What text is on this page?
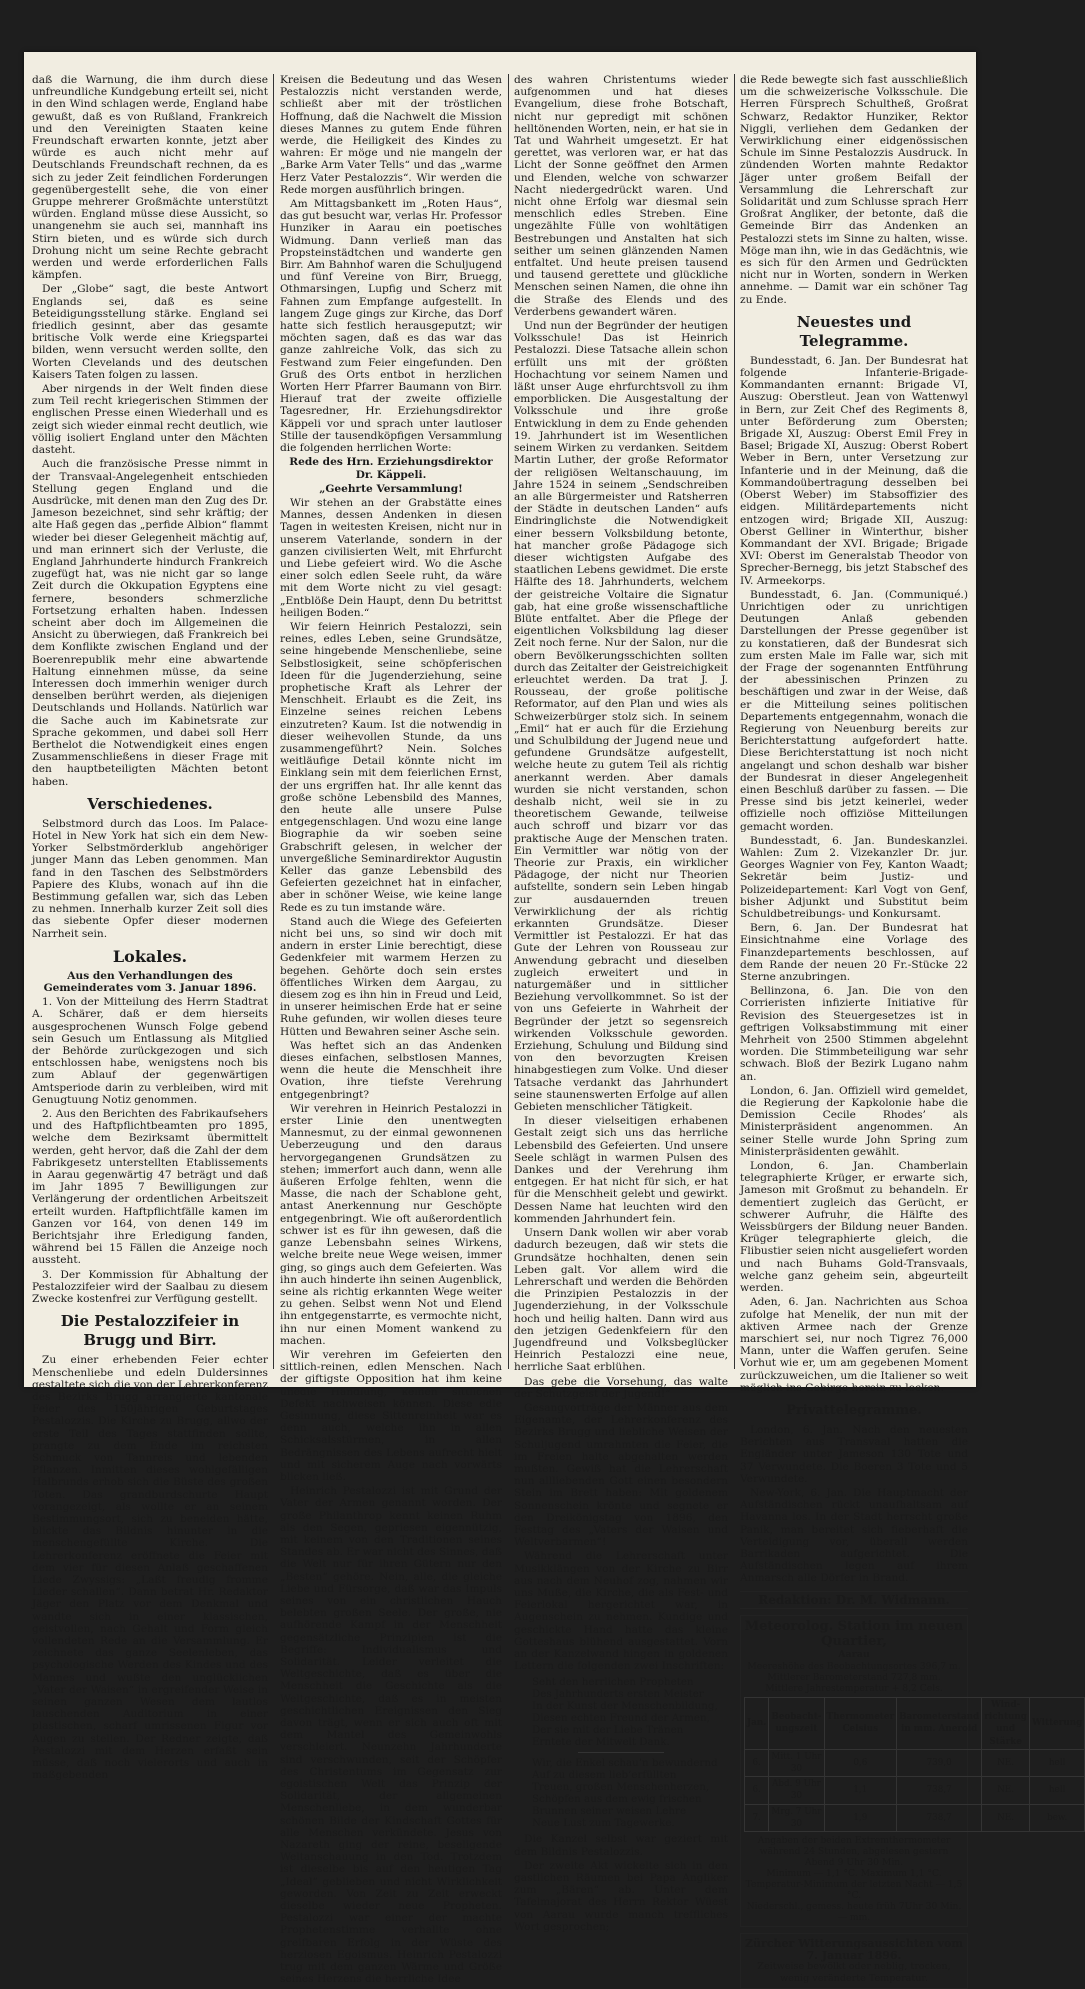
daß die Warnung, die ihm durch diese unfreundliche Kundgebung erteilt sei, nicht in den Wind schlagen werde, England habe gewußt, daß es von Rußland, Frankreich und den Vereinigten Staaten keine Freundschaft erwarten konnte, jetzt aber würde es auch nicht mehr auf Deutschlands Freundschaft rechnen, da es sich zu jeder Zeit feindlichen Forderungen gegenübergestellt sehe, die von einer Gruppe mehrerer Großmächte unterstützt würden. England müsse diese Aussicht, so unangenehm sie auch sei, mannhaft ins Stirn bieten, und es würde sich durch Drohung nicht um seine Rechte gebracht werden und werde erforderlichen Falls kämpfen.

Der „Globe“ sagt, die beste Antwort Englands sei, daß es seine Beteidigungsstellung stärke. England sei friedlich gesinnt, aber das gesamte britische Volk werde eine Kriegspartei bilden, wenn versucht werden sollte, den Worten Clevelands und des deutschen Kaisers Taten folgen zu lassen.

Aber nirgends in der Welt finden diese zum Teil recht kriegerischen Stimmen der englischen Presse einen Wiederhall und es zeigt sich wieder einmal recht deutlich, wie völlig isoliert England unter den Mächten dasteht.

Auch die französische Presse nimmt in der Transvaal-Angelegenheit entschieden Stellung gegen England und die Ausdrücke, mit denen man den Zug des Dr. Jameson bezeichnet, sind sehr kräftig; der alte Haß gegen das „perfide Albion“ flammt wieder bei dieser Gelegenheit mächtig auf, und man erinnert sich der Verluste, die England Jahrhunderte hindurch Frankreich zugefügt hat, was nie nicht gar so lange Zeit durch die Okkupation Egyptens eine fernere, besonders schmerzliche Fortsetzung erhalten haben. Indessen scheint aber doch im Allgemeinen die Ansicht zu überwiegen, daß Frankreich bei dem Konflikte zwischen England und der Boerenrepublik mehr eine abwartende Haltung einnehmen müsse, da seine Interessen doch immerhin weniger durch denselben berührt werden, als diejenigen Deutschlands und Hollands. Natürlich war die Sache auch im Kabinetsrate zur Sprache gekommen, und dabei soll Herr Berthelot die Notwendigkeit eines engen Zusammenschließens in dieser Frage mit den hauptbeteiligten Mächten betont haben.

Verschiedenes.

Selbstmord durch das Loos. Im Palace-Hotel in New York hat sich ein dem New-Yorker Selbstmörderklub angehöriger junger Mann das Leben genommen. Man fand in den Taschen des Selbstmörders Papiere des Klubs, wonach auf ihn die Bestimmung gefallen war, sich das Leben zu nehmen. Innerhalb kurzer Zeit soll dies das siebente Opfer dieser modernen Narrheit sein.

Lokales.

Aus den Verhandlungen des Gemeinderates vom 3. Januar 1896.

1. Von der Mitteilung des Herrn Stadtrat A. Schärer, daß er dem hierseits ausgesprochenen Wunsch Folge gebend sein Gesuch um Entlassung als Mitglied der Behörde zurückgezogen und sich entschlossen habe, wenigstens noch bis zum Ablauf der gegenwärtigen Amtsperiode darin zu verbleiben, wird mit Genugtuung Notiz genommen.

2. Aus den Berichten des Fabrikaufsehers und des Haftpflichtbeamten pro 1895, welche dem Bezirksamt übermittelt werden, geht hervor, daß die Zahl der dem Fabrikgesetz unterstellten Etablissements in Aarau gegenwärtig 47 beträgt und daß im Jahr 1895 7 Bewilligungen zur Verlängerung der ordentlichen Arbeitszeit erteilt wurden. Haftpflichtfälle kamen im Ganzen vor 164, von denen 149 im Berichtsjahr ihre Erledigung fanden, während bei 15 Fällen die Anzeige noch aussteht.

3. Der Kommission für Abhaltung der Pestalozzifeier wird der Saalbau zu diesem Zwecke kostenfrei zur Verfügung gestellt.

Die Pestalozzifeier in Brugg und Birr.

Zu einer erhebenden Feier echter Menschenliebe und edeln Duldersinnes gestaltete sich die von der Lehrerkonferenz des Bezirks Brugg arrangierte kantonale Feier des 150jährigen Geburtstages Pestalozzis. Die Kirche zu Brugg, allwo der erste Teil des Tages stattfinden sollte, prangte zu dem Ende im reichsten Schmuck von Tannreis und lebenden Pflanzen. Inmitten dieses wohlgefälligen Halbrunds erhob sich die Büste des großen Toten. Das grandburdschurte Haupt vorangezeigt, als wollte er an seinem Bestimmungsort, sich zu beneiden hätte, blickte das Bildnis hinunter in die menschengefüllte Kirche. Die Lehrerkonferenz eröffnete die Feier mit dem vier für diesen Anlaß geschaffenen Liede Zwyssigs: „Laßt freudig fromme Lieder schallen“. Dann betrat Hr. Redaktor Jäger den Platz vor dem Denkmal und wandte sich in einer klassischen, geistvollen, nach Gehalt und Form gleich vollendeten Rede an die Versammlung. Er zeichnete das ganze Seelenleben, das psychologische Werden des Kindes und des Mannes und wußte den unglücklichen „Vater der Waisen“ in ergreifender Weise in seinen ganzen Wesen dem lautlos lauschenden Auditorium in einer plastischen, scharf umrissenen Figur vor Augen zu stellen. Der Redner zeigte, daß Pestalozzi mit dem Herzen erfaßt sein müsse, daß noch vielerorts und auch in maßgebenden

Kreisen die Bedeutung und das Wesen Pestalozzis nicht verstanden werde, schließt aber mit der tröstlichen Hoffnung, daß die Nachwelt die Mission dieses Mannes zu gutem Ende führen werde, die Heiligkeit des Kindes zu wahren: Er möge und nie mangeln der „Barke Arm Vater Tells“ und das „warme Herz Vater Pestalozzis“. Wir werden die Rede morgen ausführlich bringen.

Am Mittagsbankett im „Roten Haus“, das gut besucht war, verlas Hr. Professor Hunziker in Aarau ein poetisches Widmung. Dann verließ man das Propsteinstädtchen und wanderte gen Birr. Am Bahnhof waren die Schuljugend und fünf Vereine von Birr, Bruegg, Othmarsingen, Lupfig und Scherz mit Fahnen zum Empfange aufgestellt. In langem Zuge gings zur Kirche, das Dorf hatte sich festlich herausgeputzt; wir möchten sagen, daß es das war das ganze zahlreiche Volk, das sich zu Festwand zum Feier eingefunden. Den Gruß des Orts entbot in herzlichen Worten Herr Pfarrer Baumann von Birr. Hierauf trat der zweite offizielle Tagesredner, Hr. Erziehungsdirektor Käppeli vor und sprach unter lautloser Stille der tausendköpfigen Versammlung die folgenden herrlichen Worte:

Rede des Hrn. Erziehungsdirektor Dr. Käppeli.

„Geehrte Versammlung!

Wir stehen an der Grabstätte eines Mannes, dessen Andenken in diesen Tagen in weitesten Kreisen, nicht nur in unserem Vaterlande, sondern in der ganzen civilisierten Welt, mit Ehrfurcht und Liebe gefeiert wird. Wo die Asche einer solch edlen Seele ruht, da wäre mit dem Worte nicht zu viel gesagt: „Entblöße Dein Haupt, denn Du betrittst heiligen Boden.“

Wir feiern Heinrich Pestalozzi, sein reines, edles Leben, seine Grundsätze, seine hingebende Menschenliebe, seine Selbstlosigkeit, seine schöpferischen Ideen für die Jugenderziehung, seine prophetische Kraft als Lehrer der Menschheit. Erlaubt es die Zeit, ins Einzelne seines reichen Lebens einzutreten? Kaum. Ist die notwendig in dieser weihevollen Stunde, da uns zusammengeführt? Nein. Solches weitläufige Detail könnte nicht im Einklang sein mit dem feierlichen Ernst, der uns ergriffen hat. Ihr alle kennt das große schöne Lebensbild des Mannes, den heute alle unsere Pulse entgegenschlagen. Und wozu eine lange Biographie da wir soeben seine Grabschrift gelesen, in welcher der unvergeßliche Seminardirektor Augustin Keller das ganze Lebensbild des Gefeierten gezeichnet hat in einfacher, aber in schöner Weise, wie keine lange Rede es zu tun imstande wäre.

Stand auch die Wiege des Gefeierten nicht bei uns, so sind wir doch mit andern in erster Linie berechtigt, diese Gedenkfeier mit warmem Herzen zu begehen. Gehörte doch sein erstes öffentliches Wirken dem Aargau, zu diesem zog es ihn hin in Freud und Leid, in unserer heimischen Erde hat er seine Ruhe gefunden, wir wollen dieses teure Hütten und Bewahren seiner Asche sein.

Was heftet sich an das Andenken dieses einfachen, selbstlosen Mannes, wenn die heute die Menschheit ihre Ovation, ihre tiefste Verehrung entgegenbringt?

Wir verehren in Heinrich Pestalozzi in erster Linie den unentwegten Mannesmut, zu der einmal gewonnenen Ueberzeugung und den daraus hervorgegangenen Grundsätzen zu stehen; immerfort auch dann, wenn alle äußeren Erfolge fehlten, wenn die Masse, die nach der Schablone geht, antast Anerkennung nur Geschöpte entgegenbringt. Wie oft außerordentlich schwer ist es für ihn gewesen, daß die ganze Lebensbahn seines Wirkens, welche breite neue Wege weisen, immer ging, so gings auch dem Gefeierten. Was ihn auch hinderte ihn seinen Augenblick, seine als richtig erkannten Wege weiter zu gehen. Selbst wenn Not und Elend ihn entgegenstarrte, es vermochte nicht, ihn nur einen Moment wankend zu machen.

Wir verehren im Gefeierten den sittlich-reinen, edlen Menschen. Nach der giftigste Opposition hat ihm keine unedle Handlung, keinen sittlichen Defekt nachweisen können. Diese edle Gesinnung, diese Sittenreinheit war es denn auch, welche ihn in allen Schicksalsstürmen, in allen Bedrängnissen des Lebens aufrecht hielt und mit sicherem Auge nach vorwärts blicken ließ.

Heinrich Pestalozzi ist mit Grund der Vater der Armen genannt worden. Der große Philanthrop kennt keinen Ruhm als den Segen, gepriesen eigennützig, mit keinem von den Traditionen seines Standes ab. Er war nicht des Sinnes, daß die Welt nur für ihren Gütern nur den „Besten“ gehöre. Nein, alle, die gleiche Liebe und Fürsorge, daß war das Impuls seines von ein christlichen Hauch belebten großen Seele. Der große, nie aufhörende Kampf in der Menschheit gegensätzliche Prinzipien ist die Begriffe: Individualismus und Solidarität. Leider verleitet die Weltgeschichte, daß es über die Menschheit die Geschichte als die Weltgeschichte, daß es in meisten geschichtlichen Ereignissen den Sieg davon trägt, wenn er sich auch oft mit dem Mantel des Gemeinwohls verschleiert. Neunzehn Jahrhunderte sind verschwunden, seit der Schöpfer des Christentums im Gegensatz zur egoistischen Welt das Prinzip der Solidarität, der allgemeinen Menschenliebe, in dem wunderbar schönen Bilde der Kindschaft Gottes für alle Menschen verkündete. Jesus von Nazareth ging der reine, beseligende Weltanschauung in den Tod. Trotzdem ist dieselbe bis auf den heutigen Tag „Ideal“ geblieben und nicht Wirklichkeit geworden. Von Zeit zu Zeit erweckt dieselbe wieder neue Propheten. Pestalozzi war einer der machte Prophetenstimme verhallte ohne greifbaren Erfolg in der Wüste des herzlosen Egoismus. Heinrich Pestalozzi trug mit dem ganzen Wärme und Größe seines Herzens die herrliche Idee

des wahren Christentums wieder aufgenommen und hat dieses Evangelium, diese frohe Botschaft, nicht nur gepredigt mit schönen helltönenden Worten, nein, er hat sie in Tat und Wahrheit umgesetzt. Er hat gerettet, was verloren war, er hat das Licht der Sonne geöffnet den Armen und Elenden, welche von schwarzer Nacht niedergedrückt waren. Und nicht ohne Erfolg war diesmal sein menschlich edles Streben. Eine ungezählte Fülle von wohltätigen Bestrebungen und Anstalten hat sich seither um seinen glänzenden Namen entfaltet. Und heute preisen tausend und tausend gerettete und glückliche Menschen seinen Namen, die ohne ihn die Straße des Elends und des Verderbens gewandert wären.

Und nun der Begründer der heutigen Volksschule! Das ist Heinrich Pestalozzi. Diese Tatsache allein schon erfüllt uns mit der größten Hochachtung vor seinem Namen und läßt unser Auge ehrfurchtsvoll zu ihm emporblicken. Die Ausgestaltung der Volksschule und ihre große Entwicklung in dem zu Ende gehenden 19. Jahrhundert ist im Wesentlichen seinem Wirken zu verdanken. Seitdem Martin Luther, der große Reformator der religiösen Weltanschauung, im Jahre 1524 in seinem „Sendschreiben an alle Bürgermeister und Ratsherren der Städte in deutschen Landen“ aufs Eindringlichste die Notwendigkeit einer bessern Volksbildung betonte, hat mancher große Pädagoge sich dieser wichtigsten Aufgabe des staatlichen Lebens gewidmet. Die erste Hälfte des 18. Jahrhunderts, welchem der geistreiche Voltaire die Signatur gab, hat eine große wissenschaftliche Blüte entfaltet. Aber die Pflege der eigentlichen Volksbildung lag dieser Zeit noch ferne. Nur der Salon, nur die obern Bevölkerungsschichten sollten durch das Zeitalter der Geistreichigkeit erleuchtet werden. Da trat J. J. Rousseau, der große politische Reformator, auf den Plan und wies als Schweizerbürger stolz sich. In seinem „Emil“ hat er auch für die Erziehung und Schulbildung der Jugend neue und gefundene Grundsätze aufgestellt, welche heute zu gutem Teil als richtig anerkannt werden. Aber damals wurden sie nicht verstanden, schon deshalb nicht, weil sie in zu theoretischem Gewande, teilweise auch schroff und bizarr vor das praktische Auge der Menschen traten. Ein Vermittler war nötig von der Theorie zur Praxis, ein wirklicher Pädagoge, der nicht nur Theorien aufstellte, sondern sein Leben hingab zur ausdauernden treuen Verwirklichung der als richtig erkannten Grundsätze. Dieser Vermittler ist Pestalozzi. Er hat das Gute der Lehren von Rousseau zur Anwendung gebracht und dieselben zugleich erweitert und in naturgemäßer und in sittlicher Beziehung vervollkommnet. So ist der von uns Gefeierte in Wahrheit der Begründer der jetzt so segensreich wirkenden Volksschule geworden. Erziehung, Schulung und Bildung sind von den bevorzugten Kreisen hinabgestiegen zum Volke. Und dieser Tatsache verdankt das Jahrhundert seine staunenswerten Erfolge auf allen Gebieten menschlicher Tätigkeit.

In dieser vielseitigen erhabenen Gestalt zeigt sich uns das herrliche Lebensbild des Gefeierten. Und unsere Seele schlägt in warmen Pulsen des Dankes und der Verehrung ihm entgegen. Er hat nicht für sich, er hat für die Menschheit gelebt und gewirkt. Dessen Name hat leuchten wird den kommenden Jahrhundert fein.

Unsern Dank wollen wir aber vorab dadurch bezeugen, daß wir stets die Grundsätze hochhalten, denen sein Leben galt. Vor allem wird die Lehrerschaft und werden die Behörden die Prinzipien Pestalozzis in der Jugenderziehung, in der Volksschule hoch und heilig halten. Dann wird aus den jetzigen Gedenkfeiern für den Jugendfreund und Volksbeglücker Heinrich Pestalozzi eine neue, herrliche Saat erblühen.

Das gebe die Vorsehung, das walte der Schutzgeist der Jugend!“

Gesangvorträge der Männer aus dem Eigenamte, der Lehrerkonferenz des Bezirks Brugg und liebliche Weisen der Schuljugend umrahmten die Feier, die im Freien halte abgehalten werden mußten. Gewiß hat die Lehrerschaft nun allliebenden Gott einen besondern Stein im Brett haben: Mit goldenem Sonnenschein krönte und segnete er den Dreikönigstag von 1896, den Festtag des „Vaters der Waisen und Weltverbarmen“!

Während die Lehrerschaft unter Musikklängen von der Kirche zu Birr aus nach dem Neuhof zog, nahmen wir uns Muße, die Kirche, die als Fest- und Feierlokal hergerichtet war, in Augenschein zu nehmen. Kundige und geschickte Hand hatte das kleine Gotteshaus blühend ausgestattet. Vorn an der Kanzelwand hingen in goldenen Lettern die folgenden zwei Inschriften:

Seht den herrlichen Propheten
Des Jahrhunderts ersten Meister
In der Kunst der Menschenbildung,
Diesen echten Freund der Armen,
Der sie mit der Liebe Tränen
Erntete der Mitwelt Dank.
Wir, die Enkel schau’n bewundernd
Auf zu diesem lieb’erfüllten
Treuen, großen Menschenherzen,
Schöpfen aus dem ewig frischen
Brunnen seiner weisen Lehre
Neue Lust zum Tagewerke.

Die Kanzel selbst war geziert mit dem Bildnis Pestalozzis.

Der zweite Akt wickelte sich in den gastlichen Räumen bei Papa Angliker zum „Bären“ ab. Unter dem Tafelmajorat des Herrn Rektor Wüest von Aarau wurde manch treffliches Wort gesprochen;

die Rede bewegte sich fast ausschließlich um die schweizerische Volksschule. Die Herren Fürsprech Schultheß, Großrat Schwarz, Redaktor Hunziker, Rektor Niggli, verliehen dem Gedanken der Verwirklichung einer eidgenössischen Schule im Sinne Pestalozzis Ausdruck. In zündenden Worten mahnte Redaktor Jäger unter großem Beifall der Versammlung die Lehrerschaft zur Solidarität und zum Schlusse sprach Herr Großrat Angliker, der betonte, daß die Gemeinde Birr das Andenken an Pestalozzi stets im Sinne zu halten, wisse. Möge man ihn, wie in das Gedächtnis, wie es sich für den Armen und Gedrückten nicht nur in Worten, sondern in Werken annehme. — Damit war ein schöner Tag zu Ende.

Neuestes und Telegramme.

Bundesstadt, 6. Jan. Der Bundesrat hat folgende Infanterie-Brigade-Kommandanten ernannt: Brigade VI, Auszug: Oberstleut. Jean von Wattenwyl in Bern, zur Zeit Chef des Regiments 8, unter Beförderung zum Obersten; Brigade XI, Auszug: Oberst Emil Frey in Basel; Brigade XI, Auszug: Oberst Robert Weber in Bern, unter Versetzung zur Infanterie und in der Meinung, daß die Kommandoübertragung desselben bei (Oberst Weber) im Stabsoffizier des eidgen. Militärdepartements nicht entzogen wird; Brigade XII, Auszug: Oberst Gelliner in Winterthur, bisher Kommandant der XVI. Brigade; Brigade XVI: Oberst im Generalstab Theodor von Sprecher-Bernegg, bis jetzt Stabschef des IV. Armeekorps.

Bundesstadt, 6. Jan. (Communiqué.) Unrichtigen oder zu unrichtigen Deutungen Anlaß gebenden Darstellungen der Presse gegenüber ist zu konstatieren, daß der Bundesrat sich zum ersten Male im Falle war, sich mit der Frage der sogenannten Entführung der abessinischen Prinzen zu beschäftigen und zwar in der Weise, daß er die Mitteilung seines politischen Departements entgegennahm, wonach die Regierung von Neuenburg bereits zur Berichterstattung aufgefordert hatte. Diese Berichterstattung ist noch nicht angelangt und schon deshalb war bisher der Bundesrat in dieser Angelegenheit einen Beschluß darüber zu fassen. — Die Presse sind bis jetzt keinerlei, weder offizielle noch offiziöse Mitteilungen gemacht worden.

Bundesstadt, 6. Jan. Bundeskanzlei. Wahlen: Zum 2. Vizekanzler Dr. jur. Georges Wagnier von Fey, Kanton Waadt; Sekretär beim Justiz- und Polizeidepartement: Karl Vogt von Genf, bisher Adjunkt und Substitut beim Schuldbetreibungs- und Konkursamt.

Bern, 6. Jan. Der Bundesrat hat Einsichtnahme eine Vorlage des Finanzdepartements beschlossen, auf dem Rande der neuen 20 Fr.-Stücke 22 Sterne anzubringen.

Bellinzona, 6. Jan. Die von den Corrieristen infizierte Initiative für Revision des Steuergesetzes ist in geftrigen Volksabstimmung mit einer Mehrheit von 2500 Stimmen abgelehnt worden. Die Stimmbeteiligung war sehr schwach. Bloß der Bezirk Lugano nahm an.

London, 6. Jan. Offiziell wird gemeldet, die Regierung der Kapkolonie habe die Demission Cecile Rhodes’ als Ministerpräsident angenommen. An seiner Stelle wurde John Spring zum Ministerpräsidenten gewählt.

London, 6. Jan. Chamberlain telegraphierte Krüger, er erwarte sich, Jameson mit Großmut zu behandeln. Er dementiert zugleich das Gerücht, er schwerer Aufruhr, die Hälfte des Weissbürgers der Bildung neuer Banden. Krüger telegraphierte gleich, die Flibustier seien nicht ausgeliefert worden und nach Buhams Gold-Transvaals, welche ganz geheim sein, abgeurteilt werden.

Aden, 6. Jan. Nachrichten aus Schoa zufolge hat Menelik, der nun mit der aktiven Armee nach der Grenze marschiert sei, nur noch Tigrez 76,000 Mann, unter die Waffen gerufen. Seine Vorhut wie er, um am gegebenen Moment zurückzuweichen, um die Italiener so weit möglich ins Gebirge herein zu locken.

Privattelegramme.

London, 6. Jan. Nach den neuesten Berichten aus Transvaal hatten die Engländer unter Jameson 130 Tote und 37 Verwundete. Die Boeren 3 Tote und 5 Verwundete.

New-York, 6. Jan. Die Hauptmacht der Aufständischen rückt unaufhaltsam auf Havanna los. In der Stadt herrscht große Panik, man bereitet sich fieberhaft die Verteidigung vor, überall werden Barrikaden aufgerichtet. Die Aufständischen legen auf ihrem Anmarsch alle Dörfer in Brand.

Redaktion: Dr. M. Widmann.
Meteorolog. Station im neuen Quartier,
Aarau
Meereshöhe des Beobachtungsortes 396,7 m.
Mittlerer Barometerstand 727,8 mm.
Mittlere Jahrestemperatur + 8,2 Cels.
Jan.	Beobacht-ungszeit	Thermometer Celsius	Barometerstand in mm. Aneroid	Wind-richtung und Stärke	Witterung
6.	Mitt. 1 Uhr 30	0,6	739,0	NE.	hell
6.	Abd. 9 Uhr 30	1,1	738,7	NE.	hell
7.	Mrg. 7 Uhr 30	1,9	738,7	NE.	bew.
Angaben der beiden Extremthermometer während 24 Stunden, abgelesen gestern Abend 9 Uhr 30 Min.
Minimum — 1,1 °C. Maximum 1,1 °C.
Temperatur-Minimum der letzten Nacht — 1,5 °C.
Niederschl., gemess. heute früh 7Uhr 30 Min. — mm.
Zürcher Witterungsaussichten vom 7. Januar 1896.
Zeitweise bewölkt oder neblig, trocken, wenig veränderte Temperatur.
